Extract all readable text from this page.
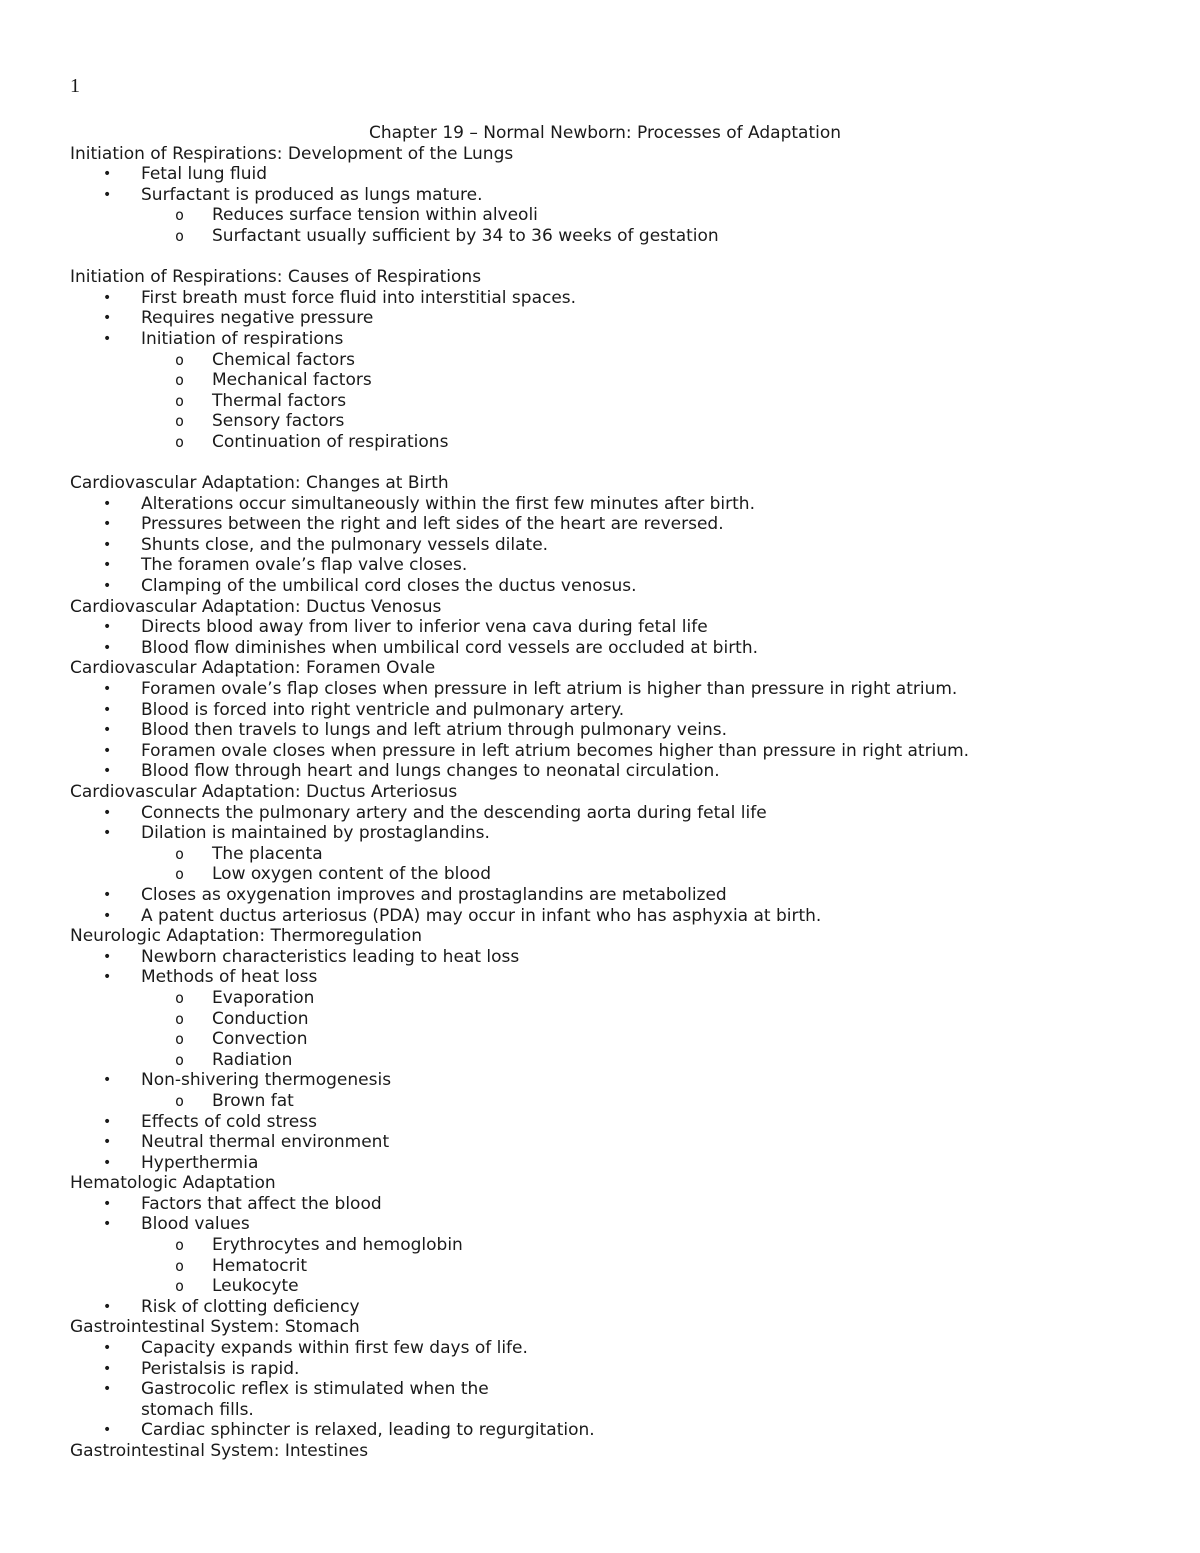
1
Chapter 19 – Normal Newborn: Processes of Adaptation
Initiation of Respirations: Development of the Lungs
• Fetal lung fluid
• Surfactant is produced as lungs mature.
o Reduces surface tension within alveoli
o Surfactant usually sufficient by 34 to 36 weeks of gestation
Initiation of Respirations: Causes of Respirations
• First breath must force fluid into interstitial spaces.
• Requires negative pressure
• Initiation of respirations
o Chemical factors
o Mechanical factors
o Thermal factors
o Sensory factors
o Continuation of respirations
Cardiovascular Adaptation: Changes at Birth
• Alterations occur simultaneously within the first few minutes after birth.
• Pressures between the right and left sides of the heart are reversed.
• Shunts close, and the pulmonary vessels dilate.
• The foramen ovale’s flap valve closes.
• Clamping of the umbilical cord closes the ductus venosus.
Cardiovascular Adaptation: Ductus Venosus
• Directs blood away from liver to inferior vena cava during fetal life
• Blood flow diminishes when umbilical cord vessels are occluded at birth.
Cardiovascular Adaptation: Foramen Ovale
• Foramen ovale’s flap closes when pressure in left atrium is higher than pressure in right atrium.
• Blood is forced into right ventricle and pulmonary artery.
• Blood then travels to lungs and left atrium through pulmonary veins.
• Foramen ovale closes when pressure in left atrium becomes higher than pressure in right atrium.
• Blood flow through heart and lungs changes to neonatal circulation.
Cardiovascular Adaptation: Ductus Arteriosus
• Connects the pulmonary artery and the descending aorta during fetal life
• Dilation is maintained by prostaglandins.
o The placenta
o Low oxygen content of the blood
• Closes as oxygenation improves and prostaglandins are metabolized
• A patent ductus arteriosus (PDA) may occur in infant who has asphyxia at birth.
Neurologic Adaptation: Thermoregulation
• Newborn characteristics leading to heat loss
• Methods of heat loss
o Evaporation
o Conduction
o Convection
o Radiation
• Non-shivering thermogenesis
o Brown fat
• Effects of cold stress
• Neutral thermal environment
• Hyperthermia
Hematologic Adaptation
• Factors that affect the blood
• Blood values
o Erythrocytes and hemoglobin
o Hematocrit
o Leukocyte
• Risk of clotting deficiency
Gastrointestinal System: Stomach
• Capacity expands within first few days of life.
• Peristalsis is rapid.
• Gastrocolic reflex is stimulated when the stomach fills.
• Cardiac sphincter is relaxed, leading to regurgitation.
Gastrointestinal System: Intestines
